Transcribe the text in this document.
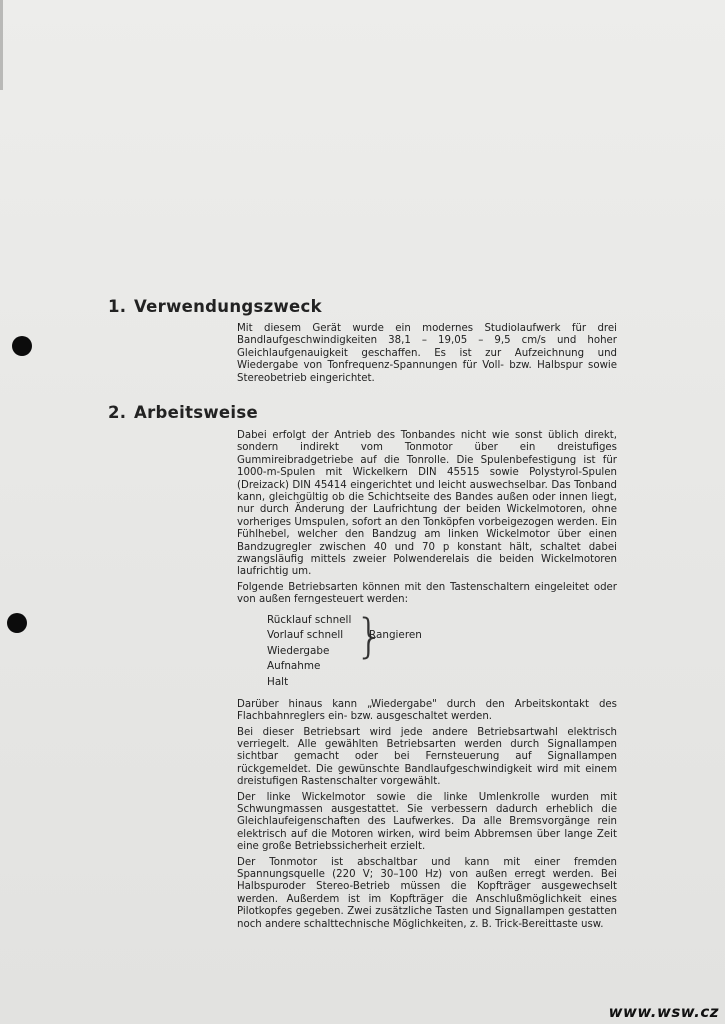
1. Verwendungszweck

Mit diesem Gerät wurde ein modernes Studiolaufwerk für drei Bandlaufgeschwindigkeiten 38,1 – 19,05 – 9,5 cm/s und hoher Gleichlaufgenauigkeit geschaffen. Es ist zur Aufzeichnung und Wiedergabe von Tonfrequenz-Spannungen für Voll- bzw. Halbspur sowie Stereobetrieb eingerichtet.

2. Arbeitsweise

Dabei erfolgt der Antrieb des Tonbandes nicht wie sonst üblich direkt, sondern indirekt vom Tonmotor über ein dreistufiges Gummireibradgetriebe auf die Tonrolle. Die Spulenbefestigung ist für 1000-m-Spulen mit Wickelkern DIN 45515 sowie Polystyrol-Spulen (Dreizack) DIN 45414 eingerichtet und leicht auswechselbar. Das Tonband kann, gleichgültig ob die Schichtseite des Bandes außen oder innen liegt, nur durch Änderung der Laufrichtung der beiden Wickelmotoren, ohne vorheriges Umspulen, sofort an den Tonköpfen vorbeigezogen werden. Ein Fühlhebel, welcher den Bandzug am linken Wickelmotor über einen Bandzugregler zwischen 40 und 70 p konstant hält, schaltet dabei zwangsläufig mittels zweier Polwenderelais die beiden Wickelmotoren laufrichtig um.

Folgende Betriebsarten können mit den Tastenschaltern eingeleitet oder von außen ferngesteuert werden:

Rücklauf schnell
Vorlauf schnell
Wiedergabe
Aufnahme
Halt
}
Rangieren

Darüber hinaus kann „Wiedergabe" durch den Arbeitskontakt des Flachbahnreglers ein- bzw. ausgeschaltet werden.

Bei dieser Betriebsart wird jede andere Betriebsartwahl elektrisch verriegelt. Alle gewählten Betriebsarten werden durch Signallampen sichtbar gemacht oder bei Fernsteuerung auf Signallampen rückgemeldet. Die gewünschte Bandlaufgeschwindigkeit wird mit einem dreistufigen Rastenschalter vorgewählt.

Der linke Wickelmotor sowie die linke Umlenkrolle wurden mit Schwungmassen ausgestattet. Sie verbessern dadurch erheblich die Gleichlaufeigenschaften des Laufwerkes. Da alle Bremsvorgänge rein elektrisch auf die Motoren wirken, wird beim Abbremsen über lange Zeit eine große Betriebssicherheit erzielt.

Der Tonmotor ist abschaltbar und kann mit einer fremden Spannungsquelle (220 V; 30–100 Hz) von außen erregt werden. Bei Halbspuroder Stereo-Betrieb müssen die Kopfträger ausgewechselt werden. Außerdem ist im Kopfträger die Anschlußmöglichkeit eines Pilotkopfes gegeben. Zwei zusätzliche Tasten und Signallampen gestatten noch andere schalttechnische Möglichkeiten, z. B. Trick-Bereittaste usw.

www.wsw.cz
